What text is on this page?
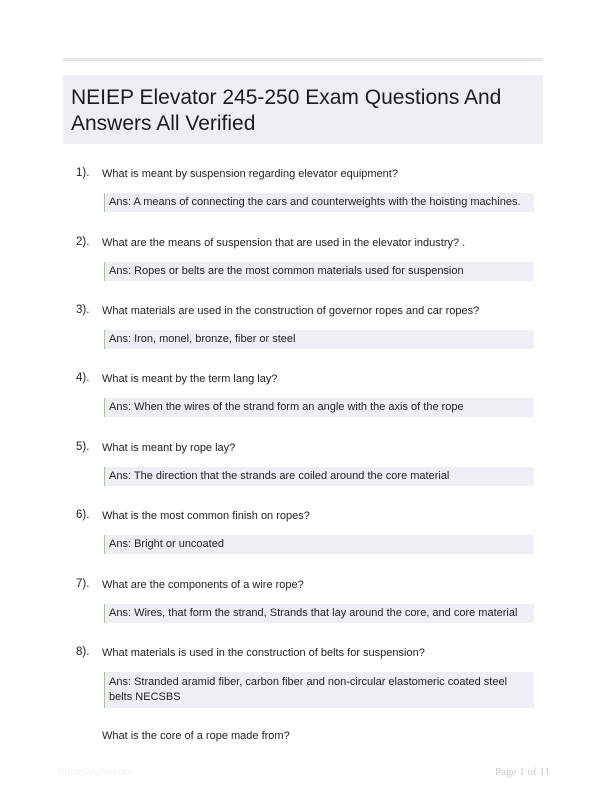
NEIEP Elevator 245-250 Exam Questions And Answers All Verified
1). What is meant by suspension regarding elevator equipment?
Ans: A means of connecting the cars and counterweights with the hoisting machines.
2). What are the means of suspension that are used in the elevator industry? .
Ans: Ropes or belts are the most common materials used for suspension
3). What materials are used in the construction of governor ropes and car ropes?
Ans: Iron, monel, bronze, fiber or steel
4). What is meant by the term lang lay?
Ans: When the wires of the strand form an angle with the axis of the rope
5). What is meant by rope lay?
Ans: The direction that the strands are coiled around the core material
6). What is the most common finish on ropes?
Ans: Bright or uncoated
7). What are the components of a wire rope?
Ans: Wires, that form the strand, Strands that lay around the core, and core material
8). What materials is used in the construction of belts for suspension?
Ans: Stranded aramid fiber, carbon fiber and non-circular elastomeric coated steel belts NECSBS
What is the core of a rope made from?
PaperWorld.com	Page 1 of 11
